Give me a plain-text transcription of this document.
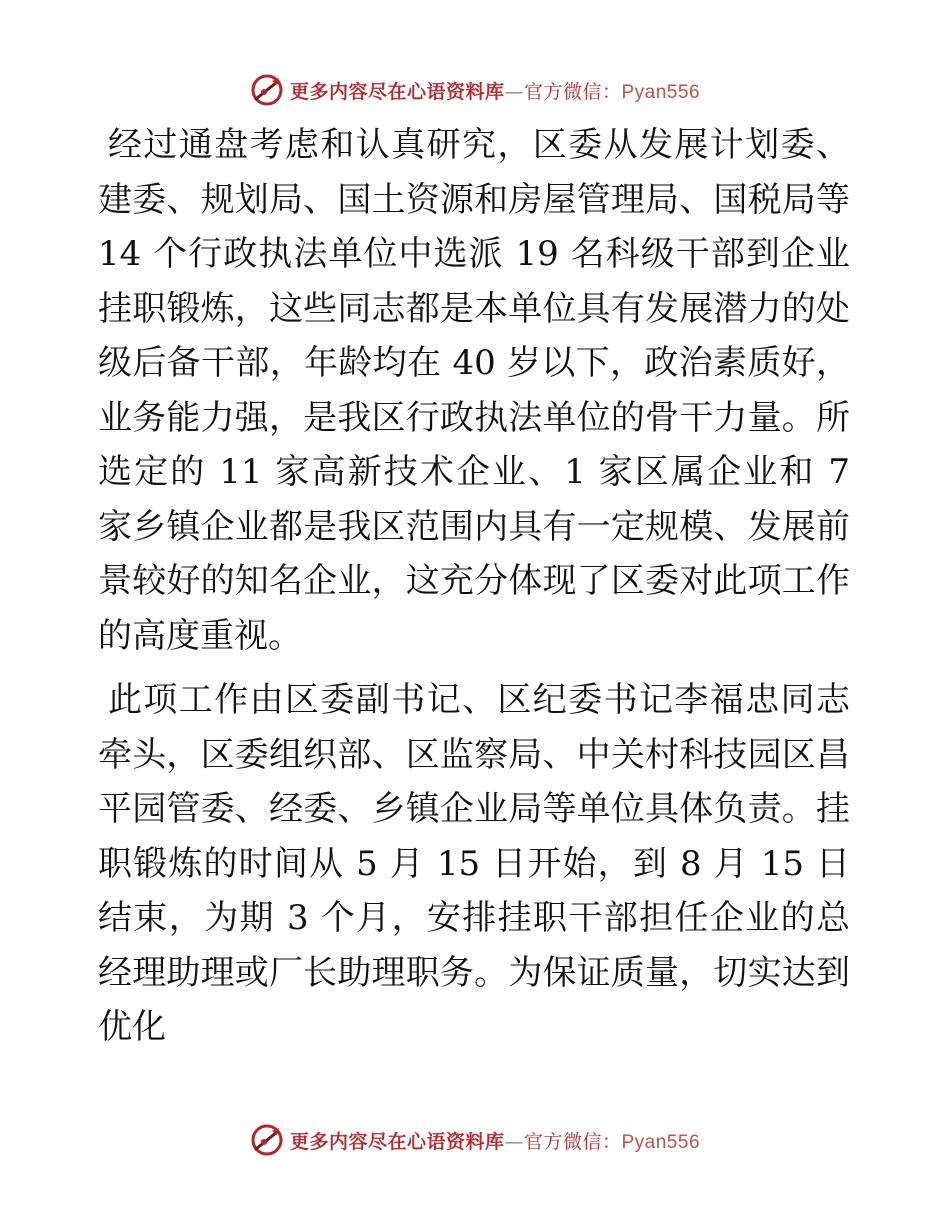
更多内容尽在心语资料库—官方微信：Pyan556

经过通盘考虑和认真研究，区委从发展计划委、建委、规划局、国土资源和房屋管理局、国税局等 14 个行政执法单位中选派 19 名科级干部到企业挂职锻炼，这些同志都是本单位具有发展潜力的处级后备干部，年龄均在 40 岁以下，政治素质好，业务能力强，是我区行政执法单位的骨干力量。所选定的 11 家高新技术企业、1 家区属企业和 7 家乡镇企业都是我区范围内具有一定规模、发展前景较好的知名企业，这充分体现了区委对此项工作的高度重视。

此项工作由区委副书记、区纪委书记李福忠同志牵头，区委组织部、区监察局、中关村科技园区昌平园管委、经委、乡镇企业局等单位具体负责。挂职锻炼的时间从 5 月 15 日开始，到 8 月 15 日结束，为期 3 个月，安排挂职干部担任企业的总经理助理或厂长助理职务。为保证质量，切实达到优化

更多内容尽在心语资料库—官方微信：Pyan556
